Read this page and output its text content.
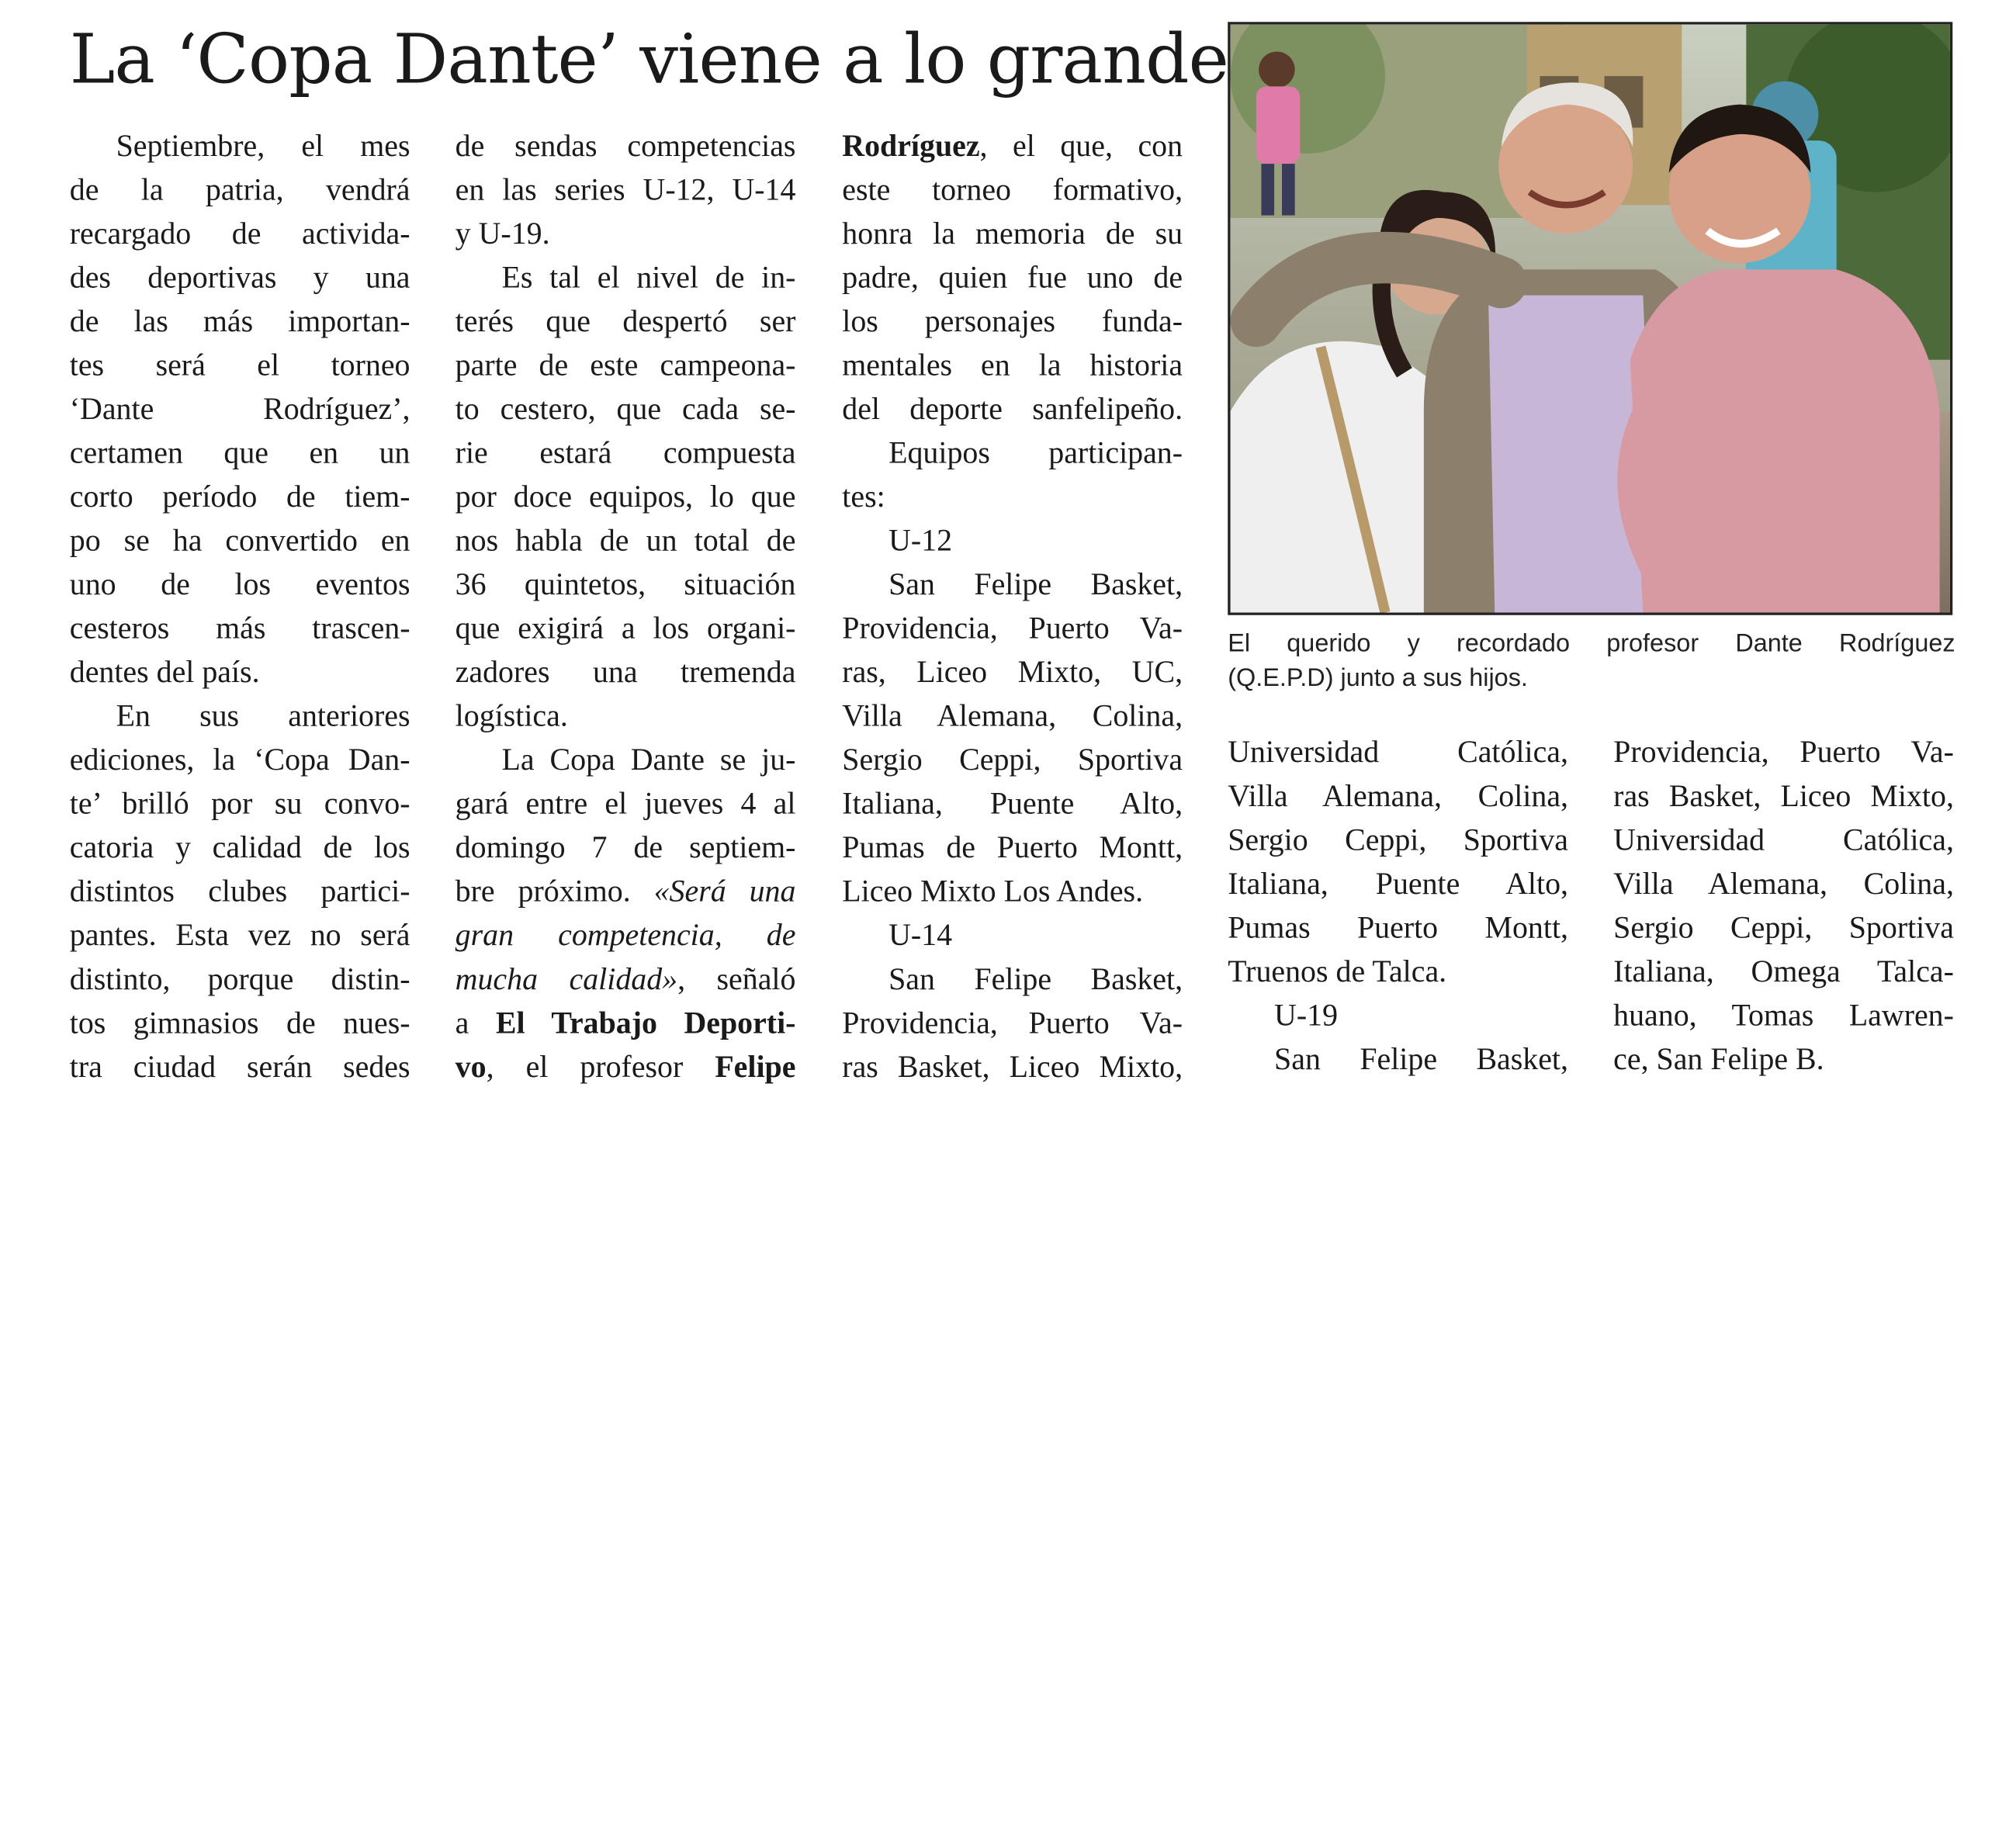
La ‘Copa Dante’ viene a lo grande
Septiembre, el mes
de la patria, vendrá
recargado de activida-
des deportivas y una
de las más importan-
tes será el torneo
‘Dante Rodríguez’,
certamen que en un
corto período de tiem-
po se ha convertido en
uno de los eventos
cesteros más trascen-
dentes del país.
En sus anteriores
ediciones, la ‘Copa Dan-
te’ brilló por su convo-
catoria y calidad de los
distintos clubes partici-
pantes. Esta vez no será
distinto, porque distin-
tos gimnasios de nues-
tra ciudad serán sedes
de sendas competencias
en las series U-12, U-14
y U-19.
Es tal el nivel de in-
terés que despertó ser
parte de este campeona-
to cestero, que cada se-
rie estará compuesta
por doce equipos, lo que
nos habla de un total de
36 quintetos, situación
que exigirá a los organi-
zadores una tremenda
logística.
La Copa Dante se ju-
gará entre el jueves 4 al
domingo 7 de septiem-
bre próximo. «Será una
gran competencia, de
mucha calidad», señaló
a El Trabajo Deporti-
vo, el profesor Felipe
Rodríguez, el que, con
este torneo formativo,
honra la memoria de su
padre, quien fue uno de
los personajes funda-
mentales en la historia
del deporte sanfelipeño.
Equipos participan-
tes:
U-12
San Felipe Basket,
Providencia, Puerto Va-
ras, Liceo Mixto, UC,
Villa Alemana, Colina,
Sergio Ceppi, Sportiva
Italiana, Puente Alto,
Pumas de Puerto Montt,
Liceo Mixto Los Andes.
U-14
San Felipe Basket,
Providencia, Puerto Va-
ras Basket, Liceo Mixto,
El querido y recordado profesor Dante Rodríguez
(Q.E.P.D) junto a sus hijos.
Universidad Católica,
Villa Alemana, Colina,
Sergio Ceppi, Sportiva
Italiana, Puente Alto,
Pumas Puerto Montt,
Truenos de Talca.
U-19
San Felipe Basket,
Providencia, Puerto Va-
ras Basket, Liceo Mixto,
Universidad Católica,
Villa Alemana, Colina,
Sergio Ceppi, Sportiva
Italiana, Omega Talca-
huano, Tomas Lawren-
ce, San Felipe B.
